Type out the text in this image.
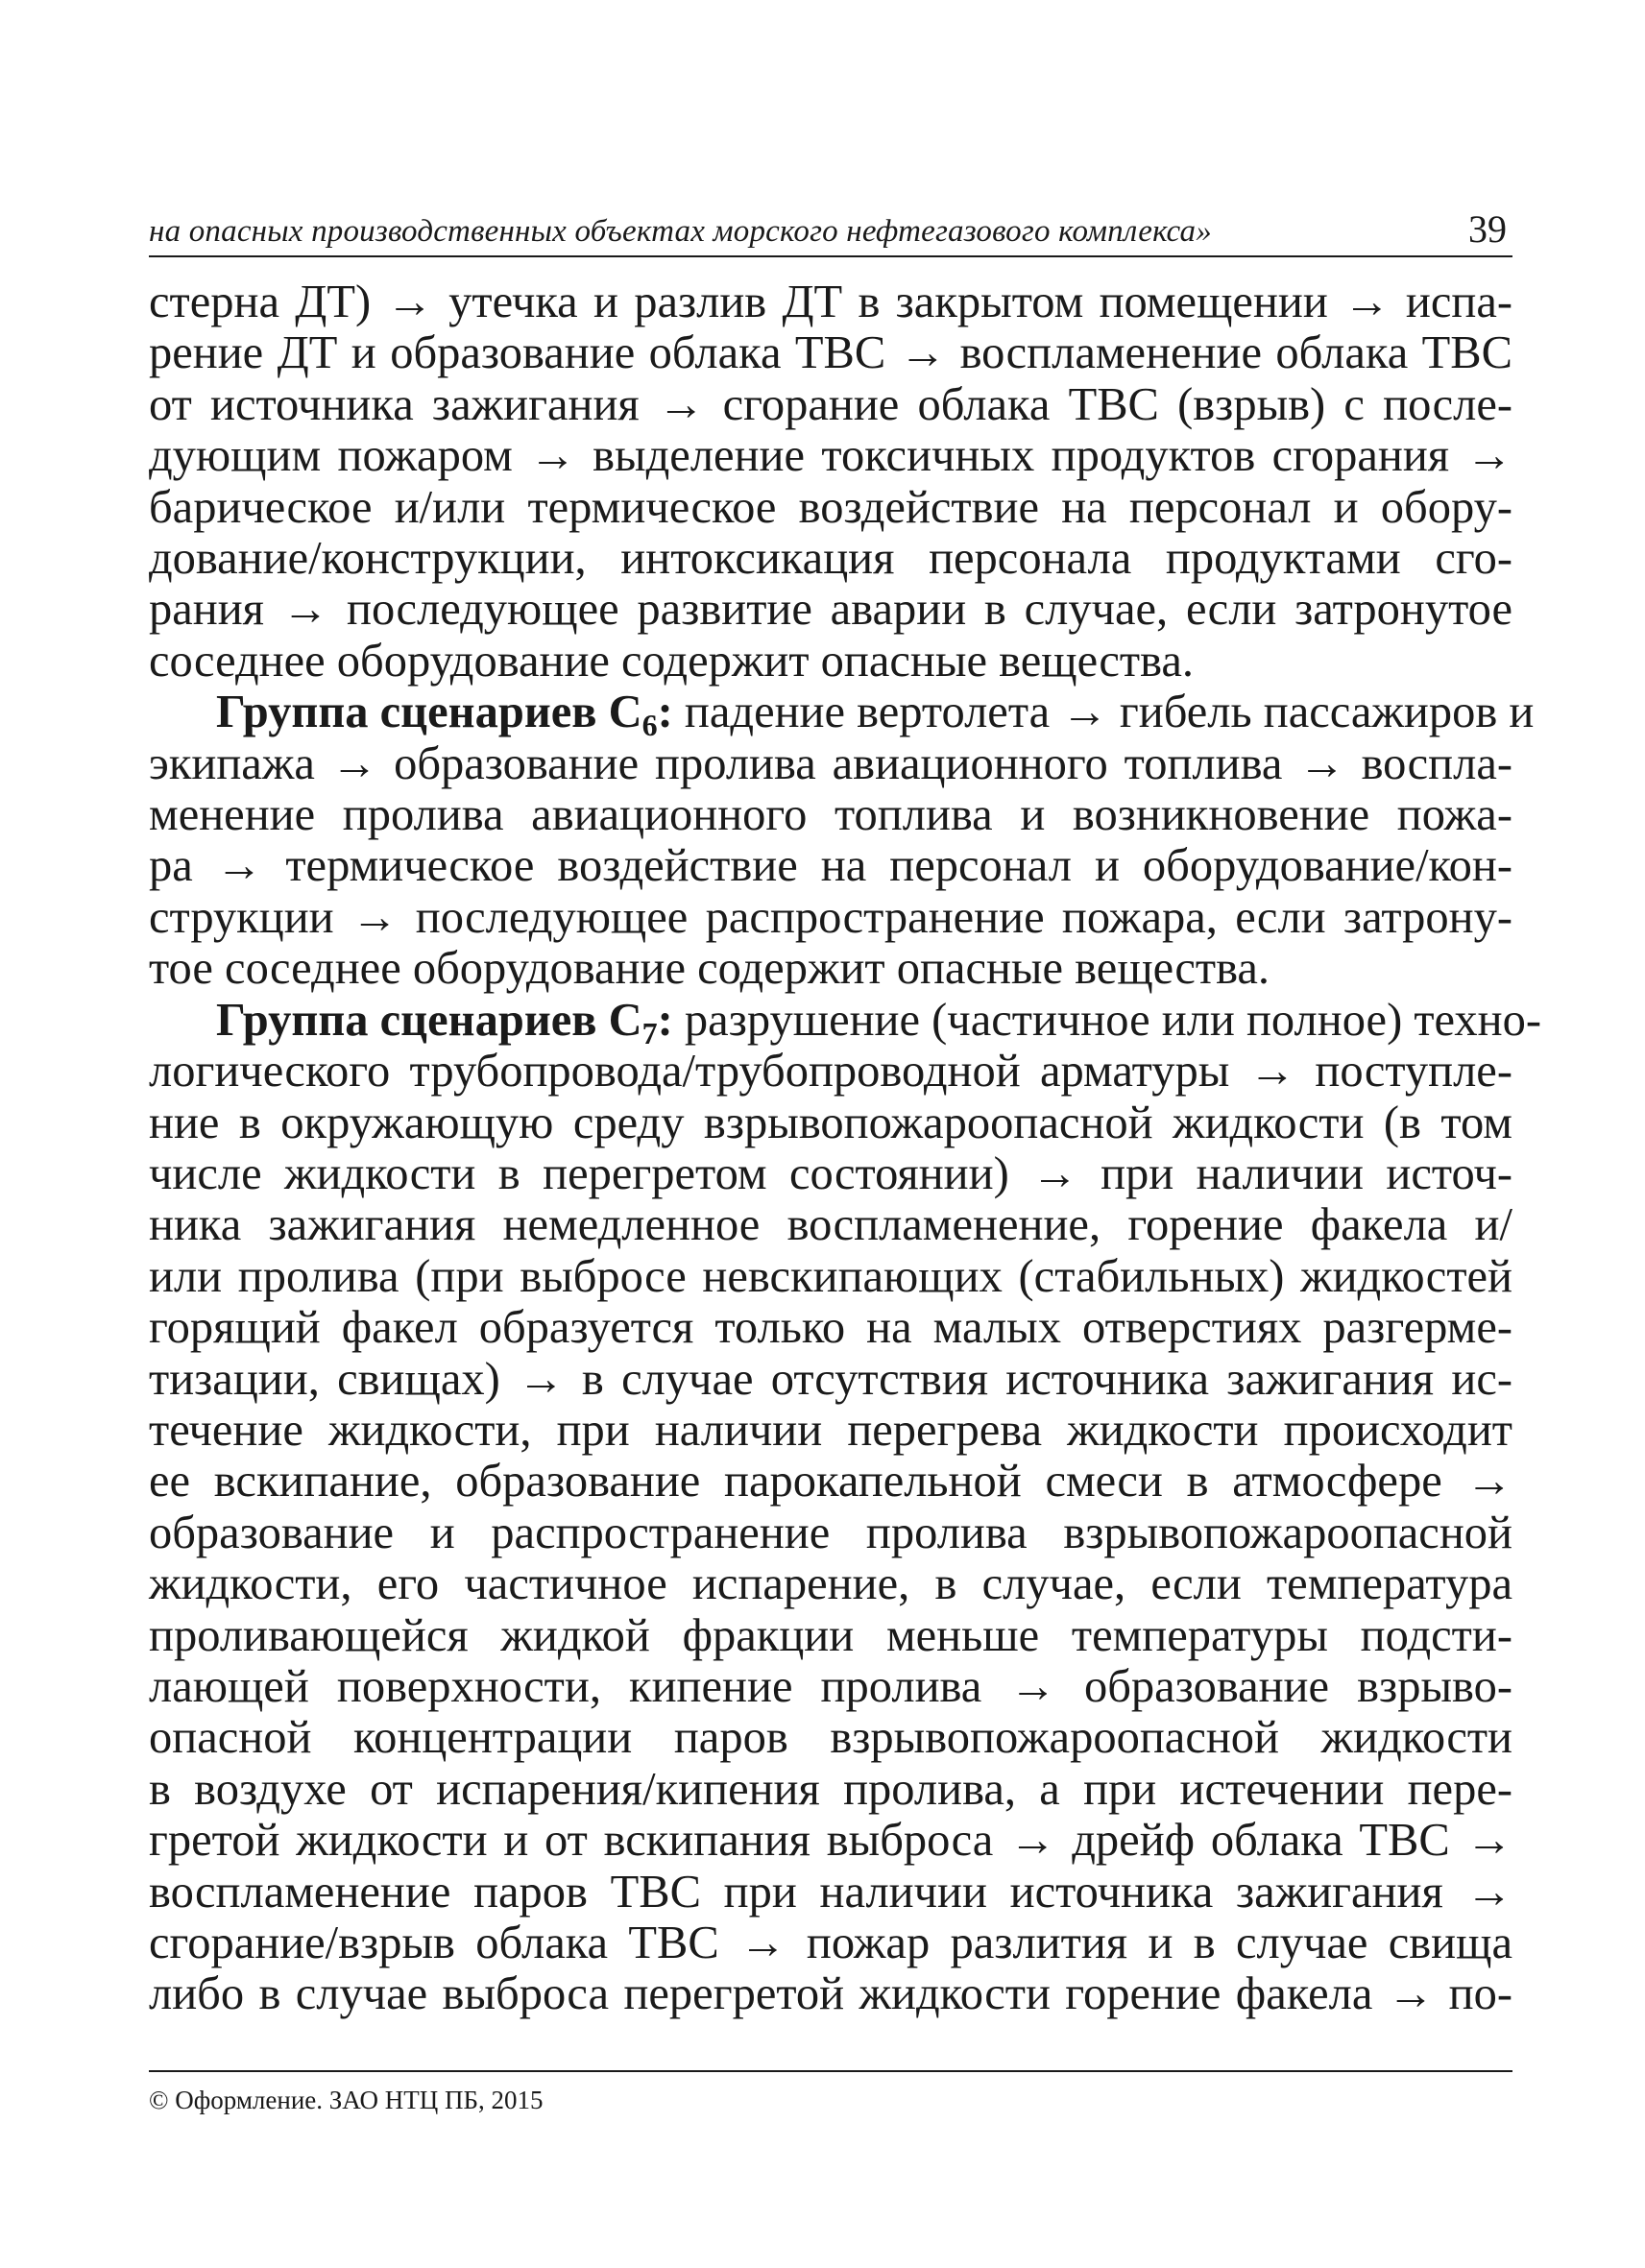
на опасных производственных объектах морского нефтегазового комплекса»	39
стерна ДТ) → утечка и разлив ДТ в закрытом помещении → испа-
рение ДТ и образование облака ТВС → воспламенение облака ТВС
от источника зажигания → сгорание облака ТВС (взрыв) с после-
дующим пожаром → выделение токсичных продуктов сгорания →
барическое и/или термическое воздействие на персонал и обору-
дование/конструкции, интоксикация персонала продуктами сго-
рания → последующее развитие аварии в случае, если затронутое
соседнее оборудование содержит опасные вещества.
Группа сценариев $С_6$: падение вертолета → гибель пассажиров и
экипажа → образование пролива авиационного топлива → воспла-
менение пролива авиационного топлива и возникновение пожа-
ра → термическое воздействие на персонал и оборудование/кон-
струкции → последующее распространение пожара, если затрону-
тое соседнее оборудование содержит опасные вещества.
Группа сценариев $С_7$: разрушение (частичное или полное) техно-
логического трубопровода/трубопроводной арматуры → поступле-
ние в окружающую среду взрывопожароопасной жидкости (в том
числе жидкости в перегретом состоянии) → при наличии источ-
ника зажигания немедленное воспламенение, горение факела и/
или пролива (при выбросе невскипающих (стабильных) жидкостей
горящий факел образуется только на малых отверстиях разгерме-
тизации, свищах) → в случае отсутствия источника зажигания ис-
течение жидкости, при наличии перегрева жидкости происходит
ее вскипание, образование парокапельной смеси в атмосфере →
образование и распространение пролива взрывопожароопасной
жидкости, его частичное испарение, в случае, если температура
проливающейся жидкой фракции меньше температуры подсти-
лающей поверхности, кипение пролива → образование взрыво-
опасной концентрации паров взрывопожароопасной жидкости
в воздухе от испарения/кипения пролива, а при истечении пере-
гретой жидкости и от вскипания выброса → дрейф облака ТВС →
воспламенение паров ТВС при наличии источника зажигания →
сгорание/взрыв облака ТВС → пожар разлития и в случае свища
либо в случае выброса перегретой жидкости горение факела → по-
© Оформление. ЗАО НТЦ ПБ, 2015
